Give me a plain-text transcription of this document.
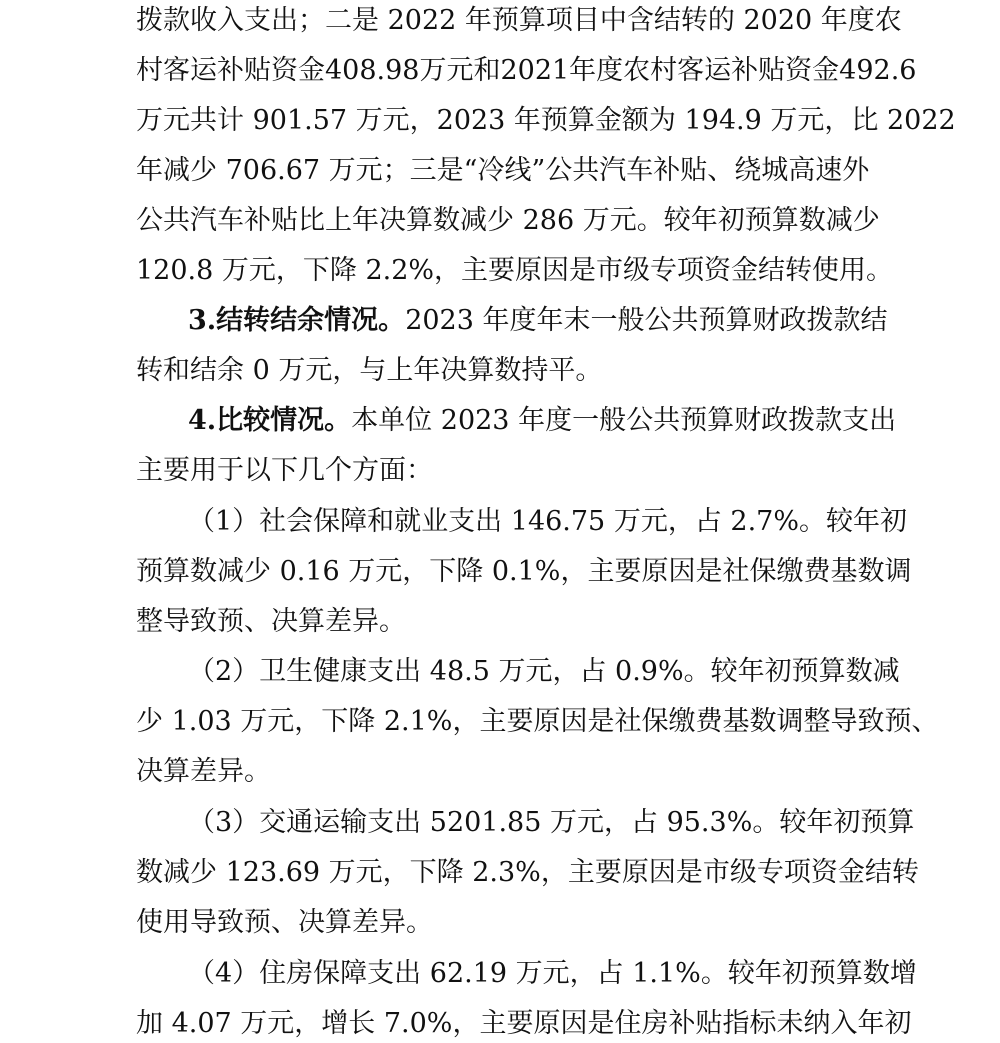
拨款收入支出；二是 2022 年预算项目中含结转的 2020 年度农
村客运补贴资金408.98万元和2021年度农村客运补贴资金492.6
万元共计 901.57 万元，2023 年预算金额为 194.9 万元，比 2022
年减少 706.67 万元；三是“冷线”公共汽车补贴、绕城高速外
公共汽车补贴比上年决算数减少 286 万元。较年初预算数减少
120.8 万元，下降 2.2%，主要原因是市级专项资金结转使用。
3.结转结余情况。2023 年度年末一般公共预算财政拨款结
转和结余 0 万元，与上年决算数持平。
4.比较情况。本单位 2023 年度一般公共预算财政拨款支出
主要用于以下几个方面：
（1）社会保障和就业支出 146.75 万元，占 2.7%。较年初
预算数减少 0.16 万元，下降 0.1%，主要原因是社保缴费基数调
整导致预、决算差异。
（2）卫生健康支出 48.5 万元，占 0.9%。较年初预算数减
少 1.03 万元，下降 2.1%，主要原因是社保缴费基数调整导致预、
决算差异。
（3）交通运输支出 5201.85 万元，占 95.3%。较年初预算
数减少 123.69 万元，下降 2.3%，主要原因是市级专项资金结转
使用导致预、决算差异。
（4）住房保障支出 62.19 万元，占 1.1%。较年初预算数增
加 4.07 万元，增长 7.0%，主要原因是住房补贴指标未纳入年初
